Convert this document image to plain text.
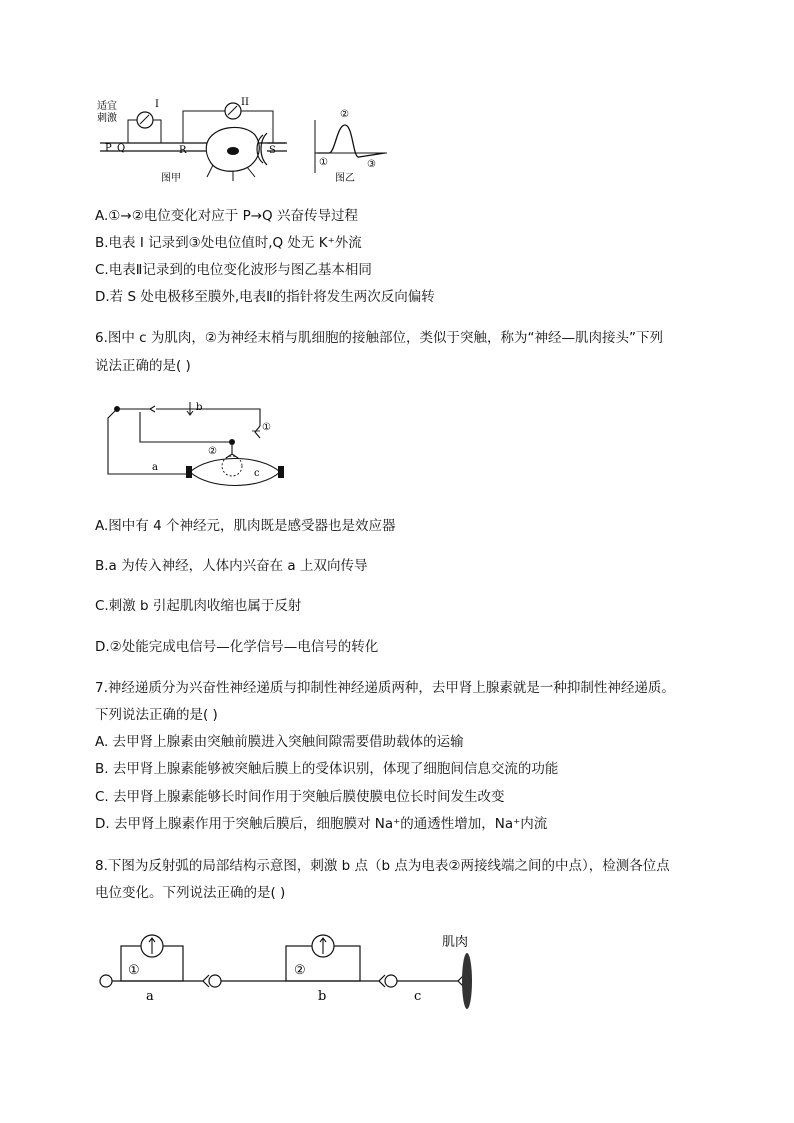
适宜
刺激
I	II
P Q	R	S
图甲	图乙
②
①	③
A.①→②电位变化对应于 P→Q 兴奋传导过程
B.电表 I 记录到③处电位值时,Q 处无 K⁺外流
C.电表Ⅱ记录到的电位变化波形与图乙基本相同
D.若 S 处电极移至膜外,电表Ⅱ的指针将发生两次反向偏转
6.图中 c 为肌肉，②为神经末梢与肌细胞的接触部位，类似于突触，称为“神经—肌肉接头”下列
说法正确的是( )
b
a
c
①
②
A.图中有 4 个神经元，肌肉既是感受器也是效应器
B.a 为传入神经，人体内兴奋在 a 上双向传导
C.刺激 b 引起肌肉收缩也属于反射
D.②处能完成电信号—化学信号—电信号的转化
7.神经递质分为兴奋性神经递质与抑制性神经递质两种，去甲肾上腺素就是一种抑制性神经递质。
下列说法正确的是( )
A. 去甲肾上腺素由突触前膜进入突触间隙需要借助载体的运输
B. 去甲肾上腺素能够被突触后膜上的受体识别，体现了细胞间信息交流的功能
C. 去甲肾上腺素能够长时间作用于突触后膜使膜电位长时间发生改变
D. 去甲肾上腺素作用于突触后膜后，细胞膜对 Na⁺的通透性增加，Na⁺内流
8.下图为反射弧的局部结构示意图，刺激 b 点（b 点为电表②两接线端之间的中点），检测各位点
电位变化。下列说法正确的是( )
肌肉
①	②
a	b	c
